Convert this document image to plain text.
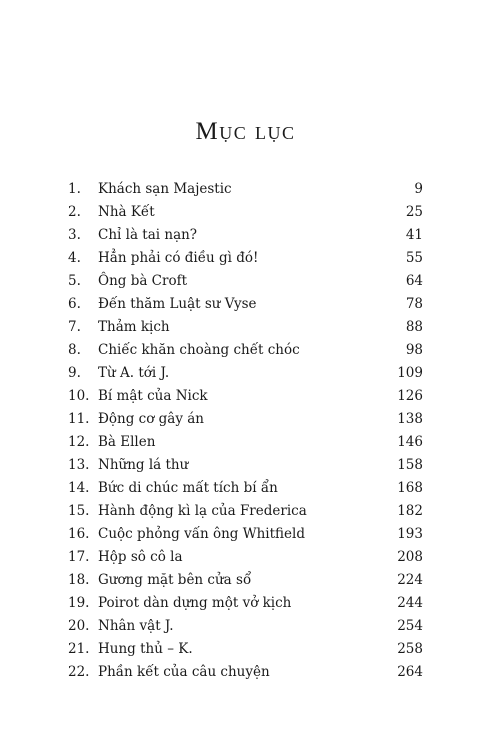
Mục lục
1.	Khách sạn Majestic	9
2.	Nhà Kết	25
3.	Chỉ là tai nạn?	41
4.	Hẳn phải có điều gì đó!	55
5.	Ông bà Croft	64
6.	Đến thăm Luật sư Vyse	78
7.	Thảm kịch	88
8.	Chiếc khăn choàng chết chóc	98
9.	Từ A. tới J.	109
10. Bí mật của Nick	126
11. Động cơ gây án	138
12. Bà Ellen	146
13. Những lá thư	158
14. Bức di chúc mất tích bí ẩn	168
15. Hành động kì lạ của Frederica	182
16. Cuộc phỏng vấn ông Whitfield	193
17. Hộp sô cô la	208
18. Gương mặt bên cửa sổ	224
19. Poirot dàn dựng một vở kịch	244
20. Nhân vật J.	254
21. Hung thủ – K.	258
22. Phần kết của câu chuyện	264
